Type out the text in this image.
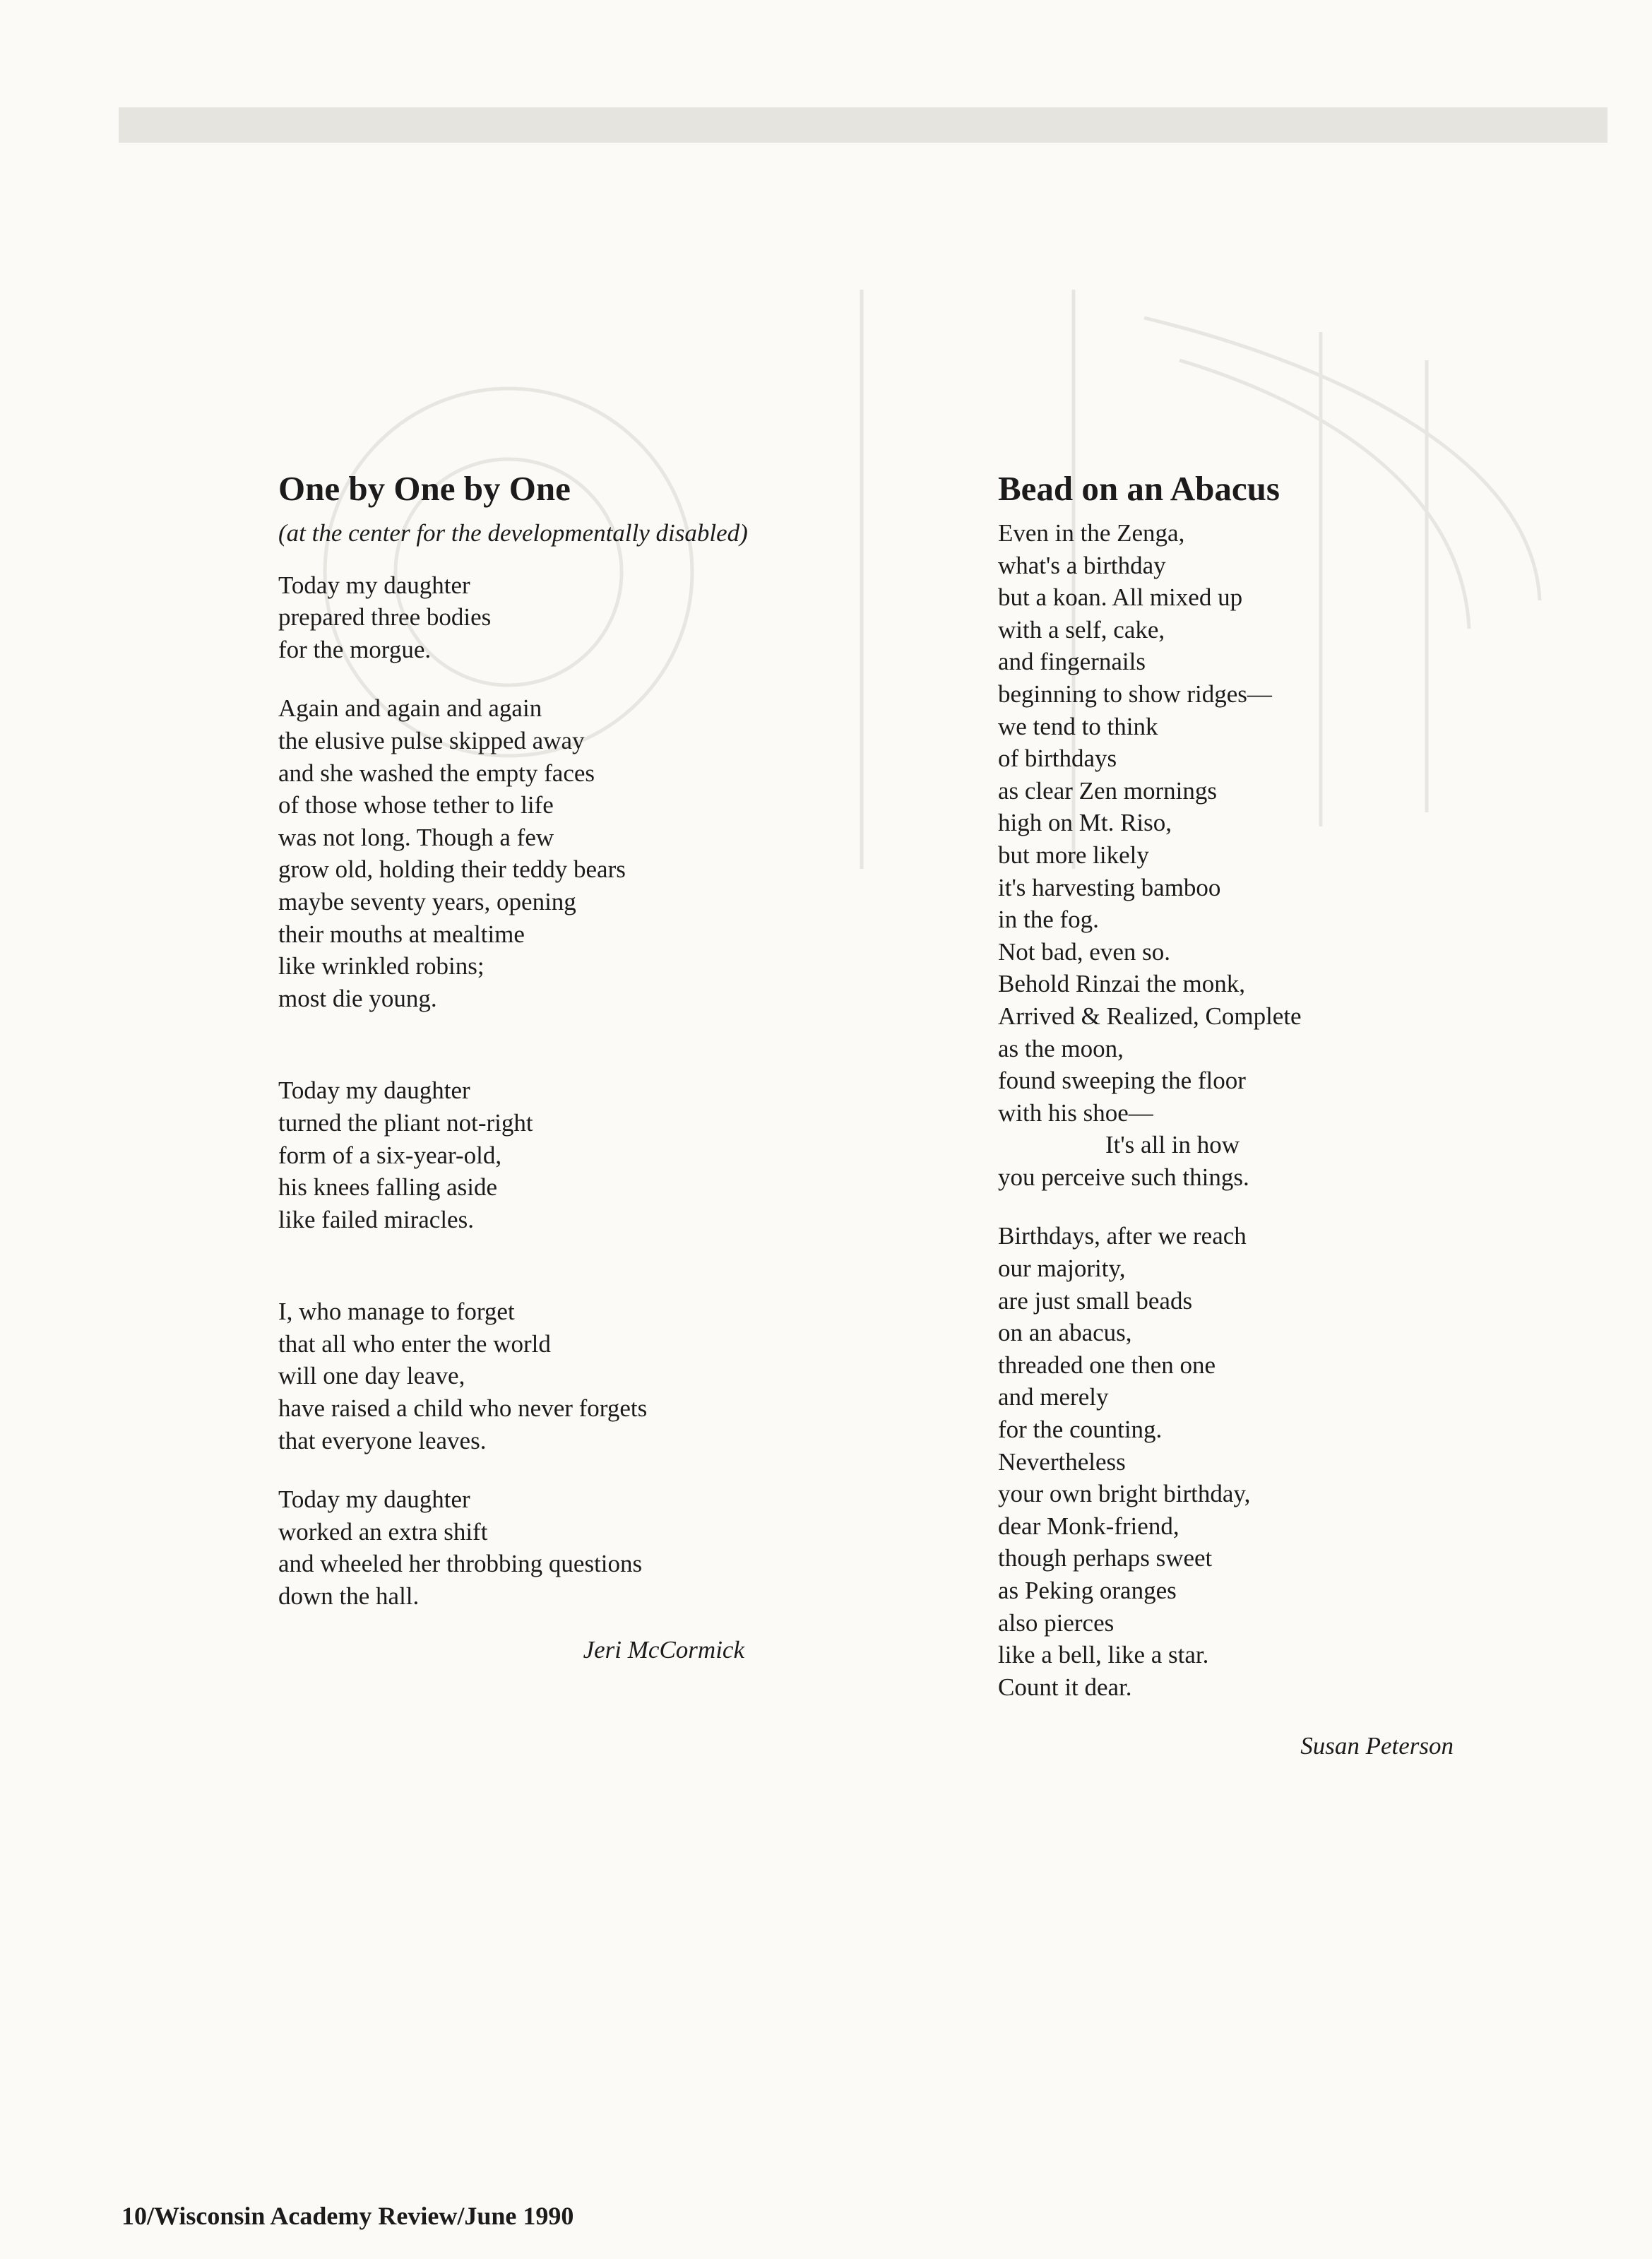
One by One by One
(at the center for the developmentally disabled)
Today my daughter
prepared three bodies
for the morgue.
Again and again and again
the elusive pulse skipped away
and she washed the empty faces
of those whose tether to life
was not long. Though a few
grow old, holding their teddy bears
maybe seventy years, opening
their mouths at mealtime
like wrinkled robins;
most die young.
Today my daughter
turned the pliant not-right
form of a six-year-old,
his knees falling aside
like failed miracles.
I, who manage to forget
that all who enter the world
will one day leave,
have raised a child who never forgets
that everyone leaves.
Today my daughter
worked an extra shift
and wheeled her throbbing questions
down the hall.
Jeri McCormick
Bead on an Abacus
Even in the Zenga,
what's a birthday
but a koan. All mixed up
with a self, cake,
and fingernails
beginning to show ridges—
we tend to think
of birthdays
as clear Zen mornings
high on Mt. Riso,
but more likely
it's harvesting bamboo
in the fog.
Not bad, even so.
Behold Rinzai the monk,
Arrived & Realized, Complete
as the moon,
found sweeping the floor
with his shoe—
It's all in how
you perceive such things.
Birthdays, after we reach
our majority,
are just small beads
on an abacus,
threaded one then one
and merely
for the counting.
Nevertheless
your own bright birthday,
dear Monk-friend,
though perhaps sweet
as Peking oranges
also pierces
like a bell, like a star.
Count it dear.
Susan Peterson
10/Wisconsin Academy Review/June 1990
